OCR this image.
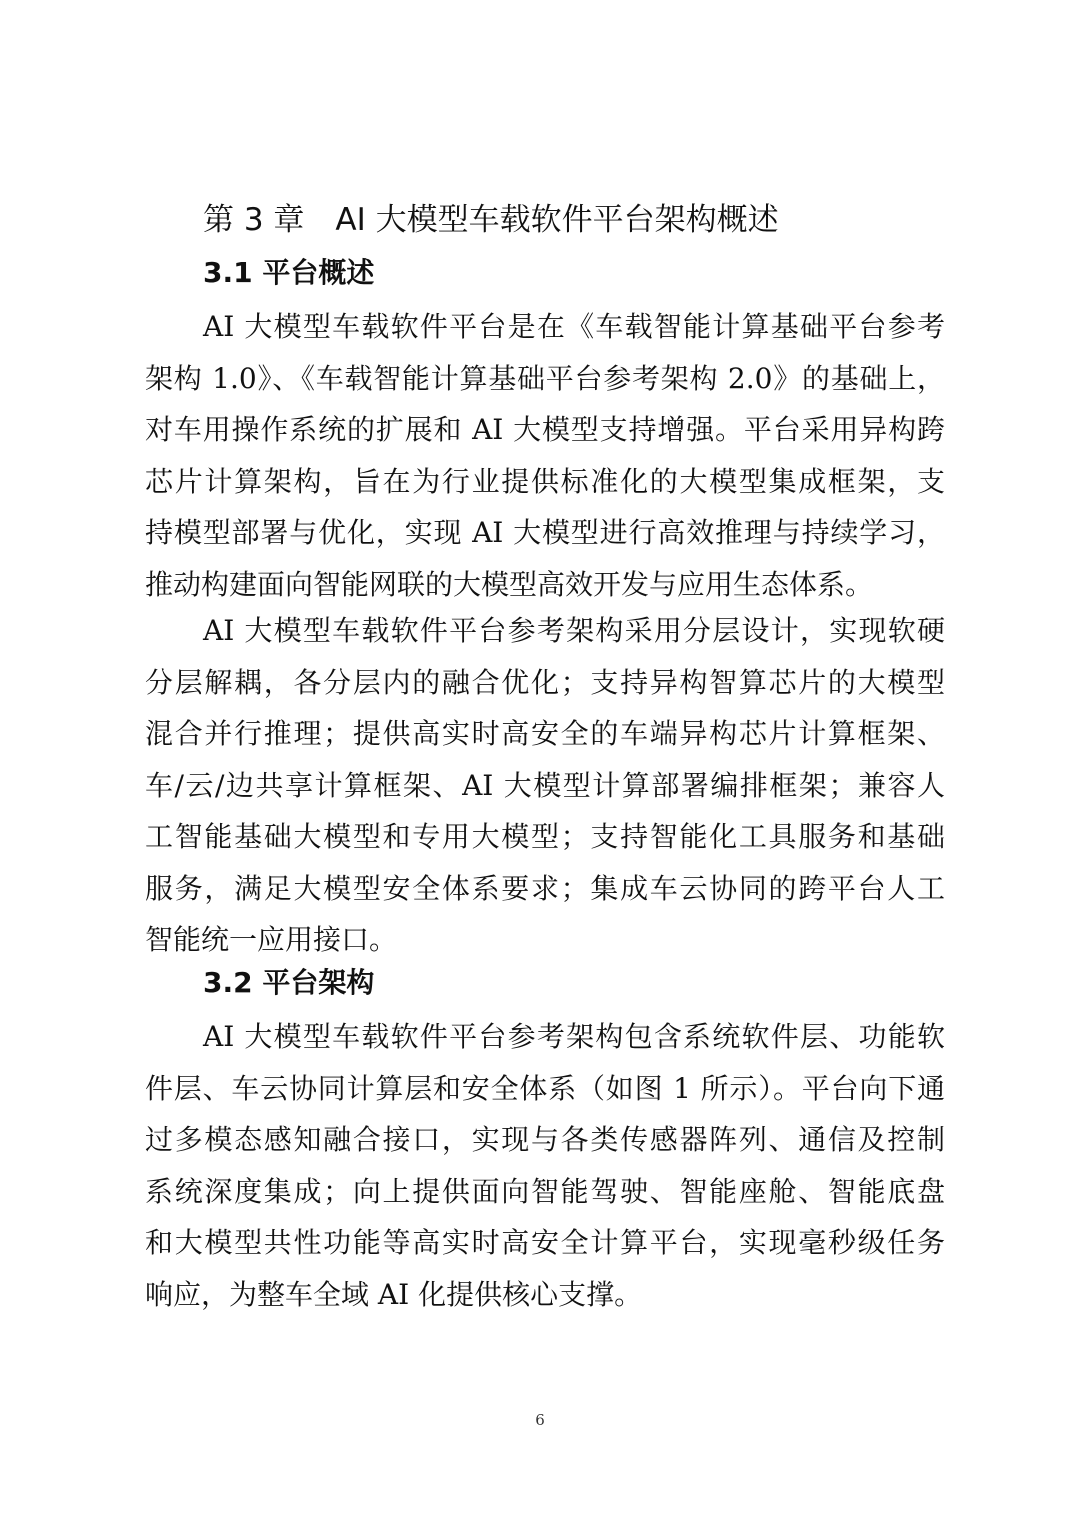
第 3 章　AI 大模型车载软件平台架构概述
3.1 平台概述
AI 大模型车载软件平台是在《车载智能计算基础平台参考
架构 1.0》、《车载智能计算基础平台参考架构 2.0》的基础上，
对车用操作系统的扩展和 AI 大模型支持增强。平台采用异构跨
芯片计算架构，旨在为行业提供标准化的大模型集成框架，支
持模型部署与优化，实现 AI 大模型进行高效推理与持续学习，
推动构建面向智能网联的大模型高效开发与应用生态体系。
AI 大模型车载软件平台参考架构采用分层设计，实现软硬
分层解耦，各分层内的融合优化；支持异构智算芯片的大模型
混合并行推理；提供高实时高安全的车端异构芯片计算框架、
车/云/边共享计算框架、AI 大模型计算部署编排框架；兼容人
工智能基础大模型和专用大模型；支持智能化工具服务和基础
服务，满足大模型安全体系要求；集成车云协同的跨平台人工
智能统一应用接口。
3.2 平台架构
AI 大模型车载软件平台参考架构包含系统软件层、功能软
件层、车云协同计算层和安全体系（如图 1 所示）。平台向下通
过多模态感知融合接口，实现与各类传感器阵列、通信及控制
系统深度集成；向上提供面向智能驾驶、智能座舱、智能底盘
和大模型共性功能等高实时高安全计算平台，实现毫秒级任务
响应，为整车全域 AI 化提供核心支撑。
6
